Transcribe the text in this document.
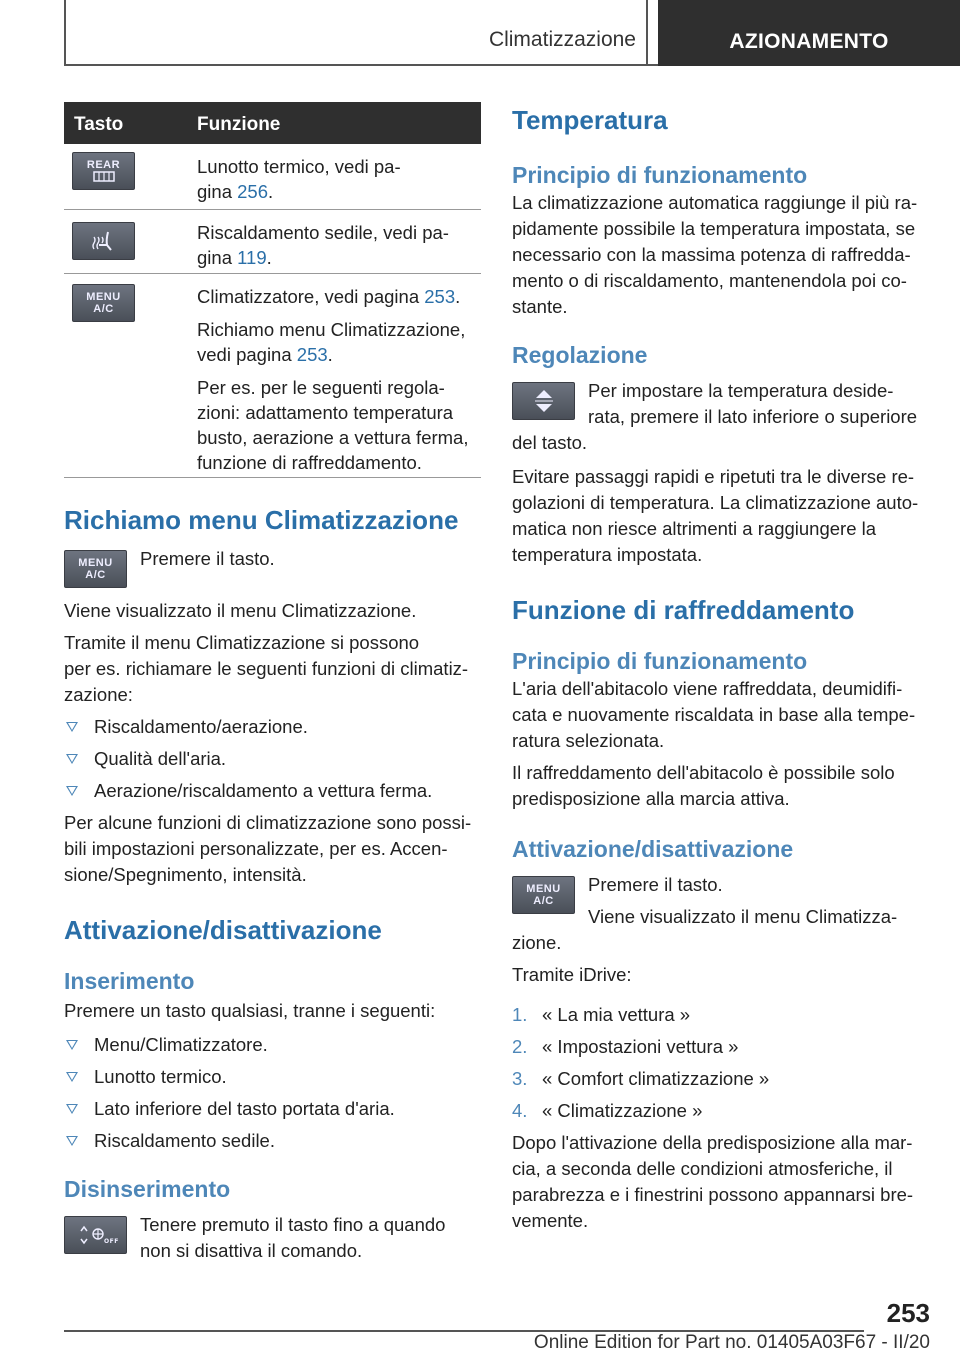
Climatizzazione	AZIONAMENTO
Tasto	Funzione
REAR	Lunotto termico, vedi pa-
gina 256.
Riscaldamento sedile, vedi pa-
gina 119.
MENU
A/C

Climatizzatore, vedi pagina 253.

Richiamo menu Climatizzazione,
vedi pagina 253.

Per es. per le seguenti regola-
zioni: adattamento temperatura
busto, aerazione a vettura ferma,
funzione di raffreddamento.

Richiamo menu Climatizzazione
MENU
A/C

Premere il tasto.

Viene visualizzato il menu Climatizzazione.

Tramite il menu Climatizzazione si possono
per es. richiamare le seguenti funzioni di climatiz-
zazione:

Riscaldamento/aerazione.
Qualità dell'aria.
Aerazione/riscaldamento a vettura ferma.

Per alcune funzioni di climatizzazione sono possi-
bili impostazioni personalizzate, per es. Accen-
sione/Spegnimento, intensità.

Attivazione/disattivazione
Inserimento

Premere un tasto qualsiasi, tranne i seguenti:

Menu/Climatizzatore.
Lunotto termico.
Lato inferiore del tasto portata d'aria.
Riscaldamento sedile.
Disinserimento
OFF

Tenere premuto il tasto fino a quando
non si disattiva il comando.

Temperatura
Principio di funzionamento

La climatizzazione automatica raggiunge il più ra-
pidamente possibile la temperatura impostata, se
necessario con la massima potenza di raffredda-
mento o di riscaldamento, mantenendola poi co-
stante.

Regolazione

Per impostare la temperatura deside-
rata, premere il lato inferiore o superiore
del tasto.

Evitare passaggi rapidi e ripetuti tra le diverse re-
golazioni di temperatura. La climatizzazione auto-
matica non riesce altrimenti a raggiungere la
temperatura impostata.

Funzione di raffreddamento
Principio di funzionamento

L'aria dell'abitacolo viene raffreddata, deumidifi-
cata e nuovamente riscaldata in base alla tempe-
ratura selezionata.

Il raffreddamento dell'abitacolo è possibile solo
predisposizione alla marcia attiva.

Attivazione/disattivazione
MENU
A/C

Premere il tasto.

Viene visualizzato il menu Climatizza-
zione.

Tramite iDrive:

1. « La mia vettura »
2. « Impostazioni vettura »
3. « Comfort climatizzazione »
4. « Climatizzazione »

Dopo l'attivazione della predisposizione alla mar-
cia, a seconda delle condizioni atmosferiche, il
parabrezza e i finestrini possono appannarsi bre-
vemente.

253
Online Edition for Part no. 01405A03F67 - II/20
